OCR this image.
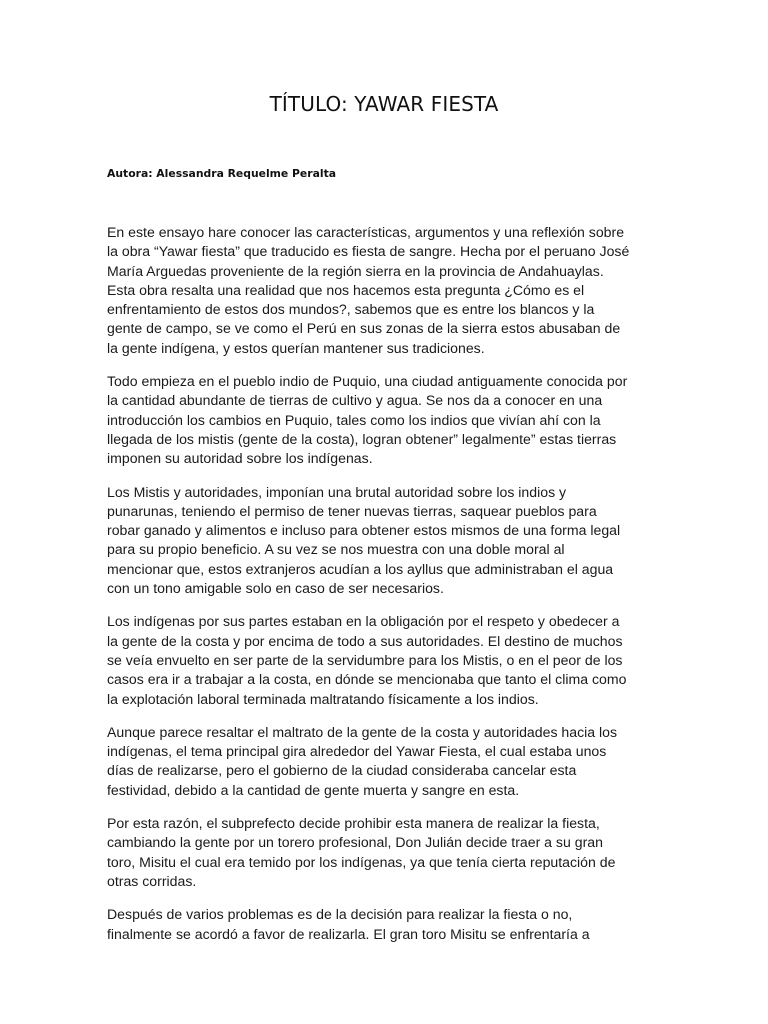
TÍTULO: YAWAR FIESTA
Autora: Alessandra Requelme Peralta

En este ensayo hare conocer las características, argumentos y una reflexión sobre la obra “Yawar fiesta” que traducido es fiesta de sangre. Hecha por el peruano José María Arguedas proveniente de la región sierra en la provincia de Andahuaylas. Esta obra resalta una realidad que nos hacemos esta pregunta ¿Cómo es el enfrentamiento de estos dos mundos?, sabemos que es entre los blancos y la gente de campo, se ve como el Perú en sus zonas de la sierra estos abusaban de la gente indígena, y estos querían mantener sus tradiciones.

Todo empieza en el pueblo indio de Puquio, una ciudad antiguamente conocida por la cantidad abundante de tierras de cultivo y agua. Se nos da a conocer en una introducción los cambios en Puquio, tales como los indios que vivían ahí con la llegada de los mistis (gente de la costa), logran obtener” legalmente” estas tierras imponen su autoridad sobre los indígenas.

Los Mistis y autoridades, imponían una brutal autoridad sobre los indios y punarunas, teniendo el permiso de tener nuevas tierras, saquear pueblos para robar ganado y alimentos e incluso para obtener estos mismos de una forma legal para su propio beneficio. A su vez se nos muestra con una doble moral al mencionar que, estos extranjeros acudían a los ayllus que administraban el agua con un tono amigable solo en caso de ser necesarios.

Los indígenas por sus partes estaban en la obligación por el respeto y obedecer a la gente de la costa y por encima de todo a sus autoridades. El destino de muchos se veía envuelto en ser parte de la servidumbre para los Mistis, o en el peor de los casos era ir a trabajar a la costa, en dónde se mencionaba que tanto el clima como la explotación laboral terminada maltratando físicamente a los indios.

Aunque parece resaltar el maltrato de la gente de la costa y autoridades hacia los indígenas, el tema principal gira alrededor del Yawar Fiesta, el cual estaba unos días de realizarse, pero el gobierno de la ciudad consideraba cancelar esta festividad, debido a la cantidad de gente muerta y sangre en esta.

Por esta razón, el subprefecto decide prohibir esta manera de realizar la fiesta, cambiando la gente por un torero profesional, Don Julián decide traer a su gran toro, Misitu el cual era temido por los indígenas, ya que tenía cierta reputación de otras corridas.

Después de varios problemas es de la decisión para realizar la fiesta o no, finalmente se acordó a favor de realizarla. El gran toro Misitu se enfrentaría a
